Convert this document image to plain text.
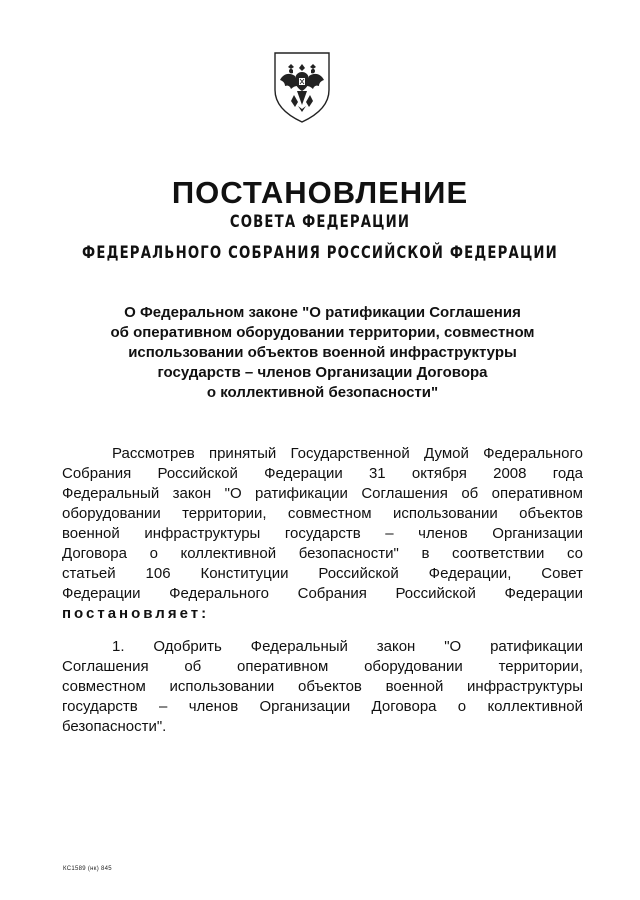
ПОСТАНОВЛЕНИЕ
СОВЕТА ФЕДЕРАЦИИ
ФЕДЕРАЛЬНОГО СОБРАНИЯ РОССИЙСКОЙ ФЕДЕРАЦИИ
О Федеральном законе "О ратификации Соглашения
об оперативном оборудовании территории, совместном
использовании объектов военной инфраструктуры
государств – членов Организации Договора
о коллективной безопасности"
Рассмотрев принятый Государственной Думой Федерального
Собрания Российской Федерации 31 октября 2008 года
Федеральный закон "О ратификации Соглашения об оперативном
оборудовании территории, совместном использовании объектов
военной инфраструктуры государств – членов Организации
Договора о коллективной безопасности" в соответствии со
статьей 106 Конституции Российской Федерации, Совет
Федерации Федерального Собрания Российской Федерации
постановляет:
1. Одобрить Федеральный закон "О ратификации
Соглашения об оперативном оборудовании территории,
совместном использовании объектов военной инфраструктуры
государств – членов Организации Договора о коллективной
безопасности".
КС1589 (нк) 845
